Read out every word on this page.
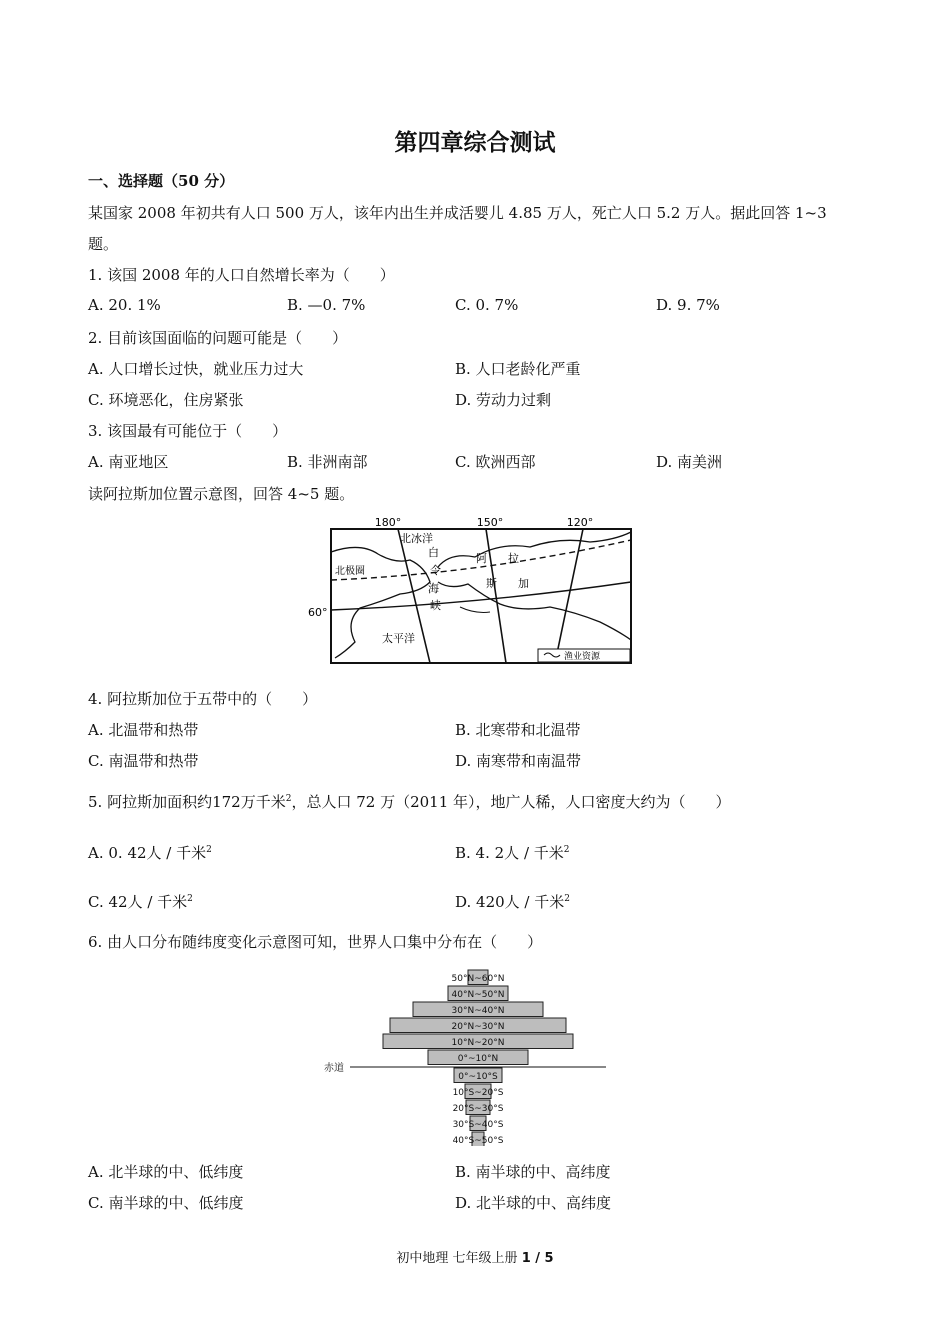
第四章综合测试
一、选择题（50 分）
某国家 2008 年初共有人口 500 万人，该年内出生并成活婴儿 4.85 万人，死亡人口 5.2 万人。据此回答 1~3
题。
1. 该国 2008 年的人口自然增长率为（　　）
A. 20. 1%	B. —0. 7%	C. 0. 7%	D. 9. 7%
2. 目前该国面临的问题可能是（　　）
A. 人口增长过快，就业压力过大	B. 人口老龄化严重
C. 环境恶化，住房紧张	D. 劳动力过剩
3. 该国最有可能位于（　　）
A. 南亚地区	B. 非洲南部	C. 欧洲西部	D. 南美洲
读阿拉斯加位置示意图，回答 4~5 题。
180°	150°	120°
60°
北冰洋
北极圈
太平洋
白
令
海
峡
阿 拉
斯 加
渔业资源
4. 阿拉斯加位于五带中的（　　）
A. 北温带和热带	B. 北寒带和北温带
C. 南温带和热带	D. 南寒带和南温带
5. 阿拉斯加面积约172万千米$^2$，总人口 72 万（2011 年），地广人稀，人口密度大约为（　　）
A. 0. 42人 / 千米$^2$	B. 4. 2人 / 千米$^2$
C. 42人 / 千米$^2$	D. 420人 / 千米$^2$
6. 由人口分布随纬度变化示意图可知，世界人口集中分布在（　　）
50°N~60°N
40°N~50°N
30°N~40°N
20°N~30°N
10°N~20°N
0°~10°N
赤道
0°~10°S
10°S~20°S
20°S~30°S
30°S~40°S
40°S~50°S
A. 北半球的中、低纬度	B. 南半球的中、高纬度
C. 南半球的中、低纬度	D. 北半球的中、高纬度
初中地理 七年级上册 1 / 5
